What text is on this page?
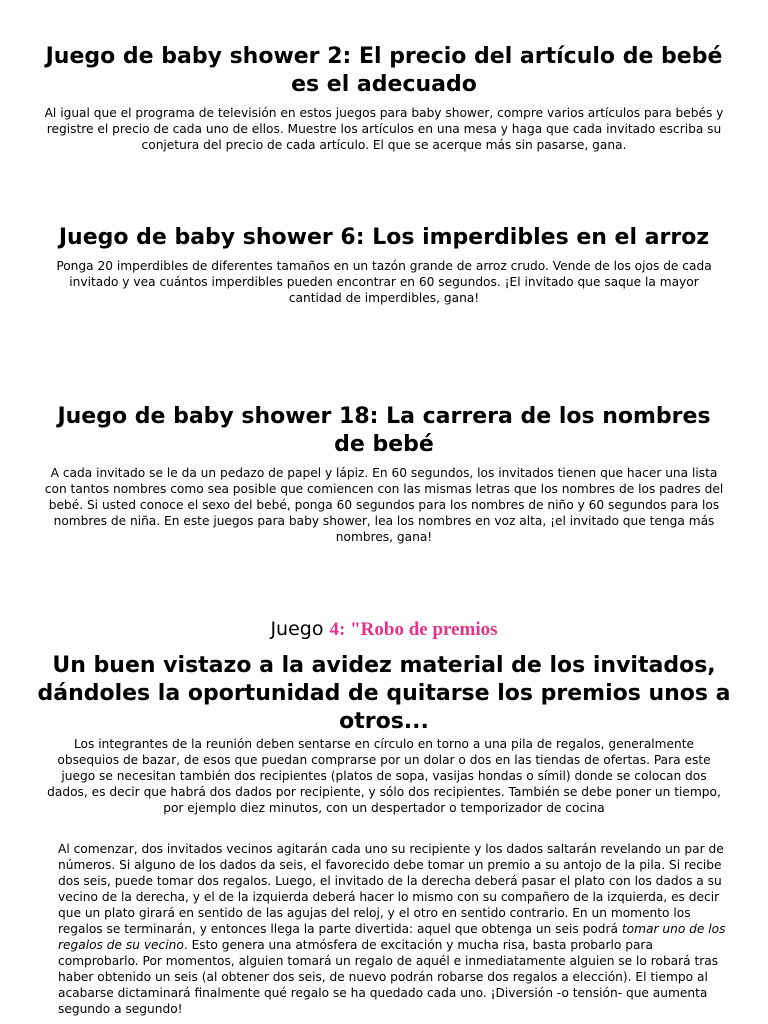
Juego de baby shower 2: El precio del artículo de bebé es el adecuado

Al igual que el programa de televisión en estos juegos para baby shower, compre varios artículos para bebés y registre el precio de cada uno de ellos. Muestre los artículos en una mesa y haga que cada invitado escriba su conjetura del precio de cada artículo. El que se acerque más sin pasarse, gana.

Juego de baby shower 6: Los imperdibles en el arroz

Ponga 20 imperdibles de diferentes tamaños en un tazón grande de arroz crudo. Vende de los ojos de cada invitado y vea cuántos imperdibles pueden encontrar en 60 segundos. ¡El invitado que saque la mayor cantidad de imperdibles, gana!

Juego de baby shower 18: La carrera de los nombres de bebé

A cada invitado se le da un pedazo de papel y lápiz. En 60 segundos, los invitados tienen que hacer una lista con tantos nombres como sea posible que comiencen con las mismas letras que los nombres de los padres del bebé. Si usted conoce el sexo del bebé, ponga 60 segundos para los nombres de niño y 60 segundos para los nombres de niña. En este juegos para baby shower, lea los nombres en voz alta, ¡el invitado que tenga más nombres, gana!

Juego 4: "Robo de premios
Un buen vistazo a la avidez material de los invitados, dándoles la oportunidad de quitarse los premios unos a otros...

Los integrantes de la reunión deben sentarse en círculo en torno a una pila de regalos, generalmente obsequios de bazar, de esos que puedan comprarse por un dolar o dos en las tiendas de ofertas. Para este juego se necesitan también dos recipientes (platos de sopa, vasijas hondas o símil) donde se colocan dos dados, es decir que habrá dos dados por recipiente, y sólo dos recipientes. También se debe poner un tiempo, por ejemplo diez minutos, con un despertador o temporizador de cocina

Al comenzar, dos invitados vecinos agitarán cada uno su recipiente y los dados saltarán revelando un par de números. Si alguno de los dados da seis, el favorecido debe tomar un premio a su antojo de la pila. Si recibe dos seis, puede tomar dos regalos. Luego, el invitado de la derecha deberá pasar el plato con los dados a su vecino de la derecha, y el de la izquierda deberá hacer lo mismo con su compañero de la izquierda, es decir que un plato girará en sentido de las agujas del reloj, y el otro en sentido contrario. En un momento los regalos se terminarán, y entonces llega la parte divertida: aquel que obtenga un seis podrá tomar uno de los regalos de su vecino. Esto genera una atmósfera de excitación y mucha risa, basta probarlo para comprobarlo. Por momentos, alguien tomará un regalo de aquél e inmediatamente alguien se lo robará tras haber obtenido un seis (al obtener dos seis, de nuevo podrán robarse dos regalos a elección). El tiempo al acabarse dictaminará finalmente qué regalo se ha quedado cada uno. ¡Diversión -o tensión- que aumenta segundo a segundo!
